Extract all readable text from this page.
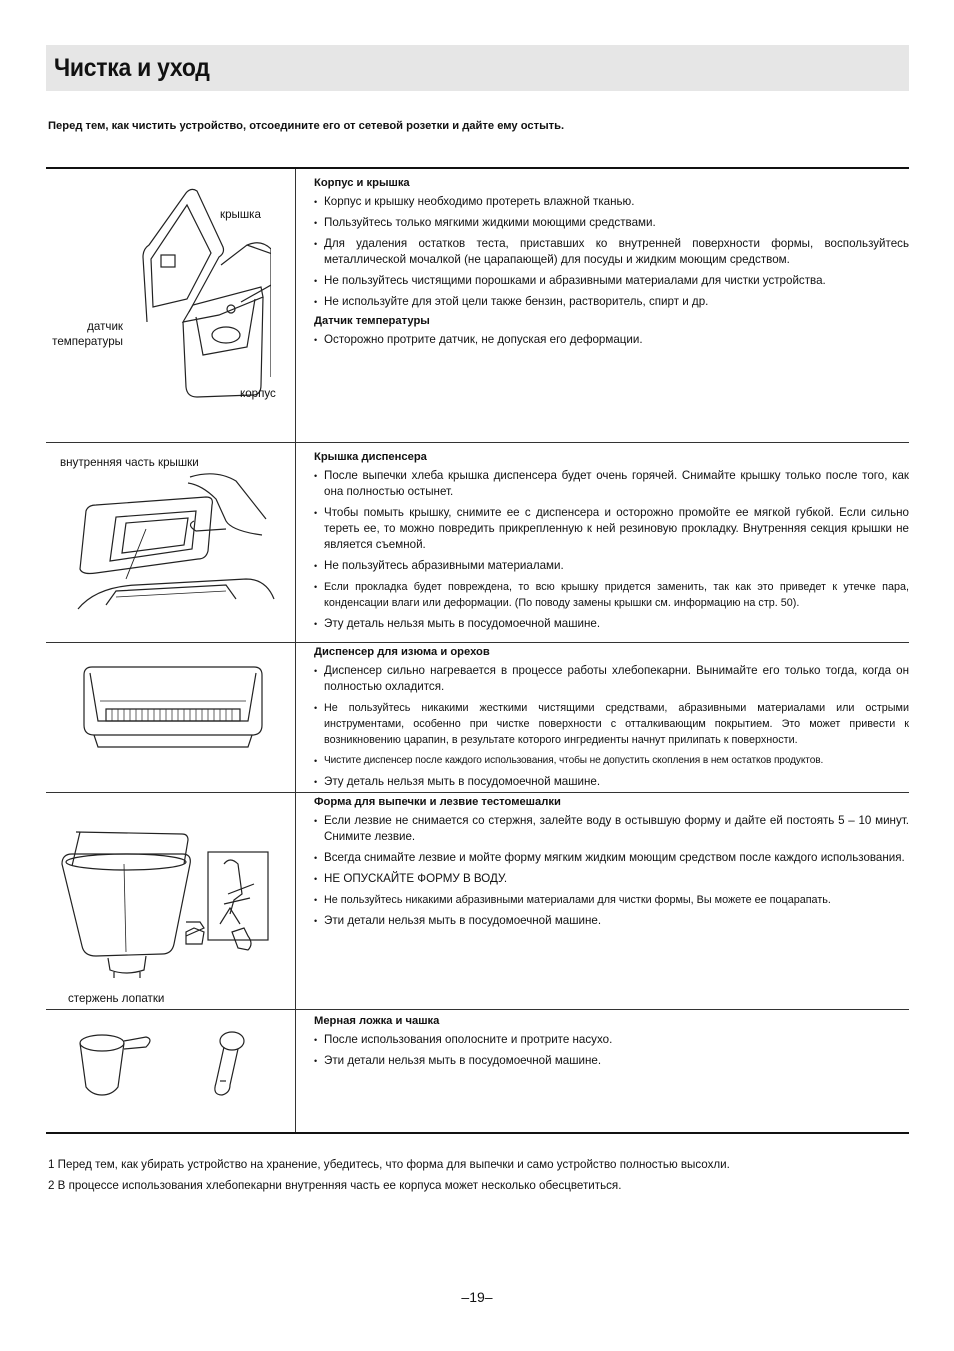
Чистка и уход
Перед тем, как чистить устройство, отсоедините его от сетевой розетки и дайте ему остыть.
крышка
датчик температуры
корпус
Корпус и крышка
• Корпус и крышку необходимо протереть влажной тканью.
• Пользуйтесь только мягкими жидкими моющими средствами.
• Для удаления остатков теста, приставших ко внутренней поверхности формы, воспользуйтесь металлической мочалкой (не царапающей) для посуды и жидким моющим средством.
• Не пользуйтесь чистящими порошками и абразивными материалами для чистки устройства.
• Не используйте для этой цели также бензин, растворитель, спирт и др.
Датчик температуры
• Осторожно протрите датчик, не допуская его деформации.
внутренняя часть крышки	Крышка диспенсера
• После выпечки хлеба крышка диспенсера будет очень горячей. Снимайте крышку только после того, как она полностью остынет.
• Чтобы помыть крышку, снимите ее с диспенсера и осторожно промойте ее мягкой губкой. Если сильно тереть ее, то можно повредить прикрепленную к ней резиновую прокладку. Внутренняя секция крышки не является съемной.
• Не пользуйтесь абразивными материалами.
• Если прокладка будет повреждена, то всю крышку придется заменить, так как это приведет к утечке пара, конденсации влаги или деформации. (По поводу замены крышки см. информацию на стр. 50).
• Эту деталь нельзя мыть в посудомоечной машине.
Диспенсер для изюма и орехов
• Диспенсер сильно нагревается в процессе работы хлебопекарни. Вынимайте его только тогда, когда он полностью охладится.
• Не пользуйтесь никакими жесткими чистящими средствами, абразивными материалами или острыми инструментами, особенно при чистке поверхности с отталкивающим покрытием. Это может привести к возникновению царапин, в результате которого ингредиенты начнут прилипать к поверхности.
• Чистите диспенсер после каждого использования, чтобы не допустить скопления в нем остатков продуктов.
• Эту деталь нельзя мыть в посудомоечной машине.
стержень лопатки
Форма для выпечки и лезвие тестомешалки
• Если лезвие не снимается со стержня, залейте воду в остывшую форму и дайте ей постоять 5 – 10 минут. Снимите лезвие.
• Всегда снимайте лезвие и мойте форму мягким жидким моющим средством после каждого использования.
• НЕ ОПУСКАЙТЕ ФОРМУ В ВОДУ.
• Не пользуйтесь никакими абразивными материалами для чистки формы, Вы можете ее поцарапать.
• Эти детали нельзя мыть в посудомоечной машине.
Мерная ложка и чашка
• После использования ополосните и протрите насухо.
• Эти детали нельзя мыть в посудомоечной машине.
1 Перед тем, как убирать устройство на хранение, убедитесь, что форма для выпечки и само устройство полностью высохли.
2 В процессе использования хлебопекарни внутренняя часть ее корпуса может несколько обесцветиться.
–19–
